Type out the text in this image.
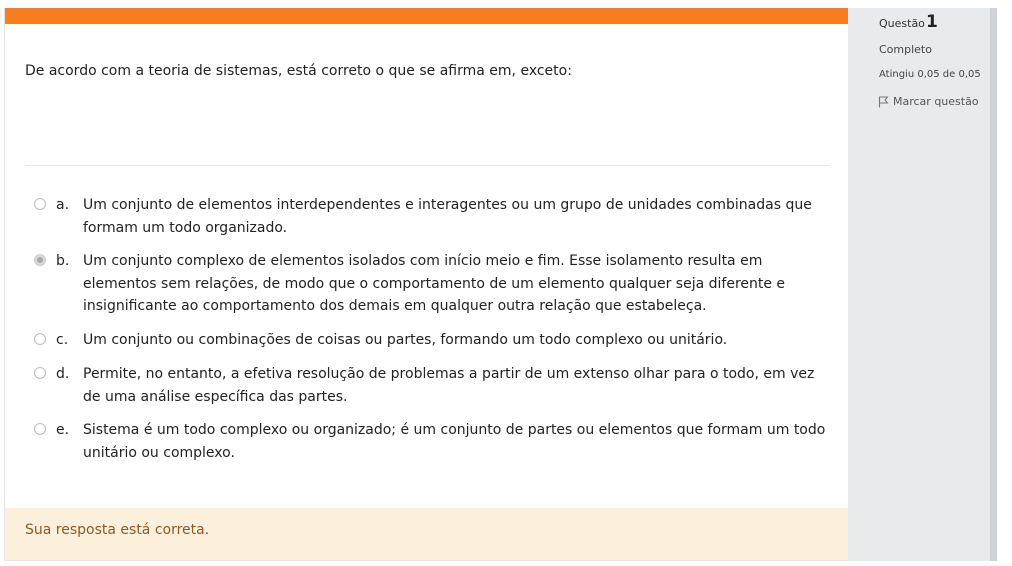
De acordo com a teoria de sistemas, está correto o que se afirma em, exceto:
a. Um conjunto de elementos interdependentes e interagentes ou um grupo de unidades combinadas que formam um todo organizado.
b. Um conjunto complexo de elementos isolados com início meio e fim. Esse isolamento resulta em elementos sem relações, de modo que o comportamento de um elemento qualquer seja diferente e insignificante ao comportamento dos demais em qualquer outra relação que estabeleça.
c. Um conjunto ou combinações de coisas ou partes, formando um todo complexo ou unitário.
d. Permite, no entanto, a efetiva resolução de problemas a partir de um extenso olhar para o todo, em vez de uma análise específica das partes.
e. Sistema é um todo complexo ou organizado; é um conjunto de partes ou elementos que formam um todo unitário ou complexo.
Sua resposta está correta.
Questão 1
Completo
Atingiu 0,05 de 0,05
Marcar questão
